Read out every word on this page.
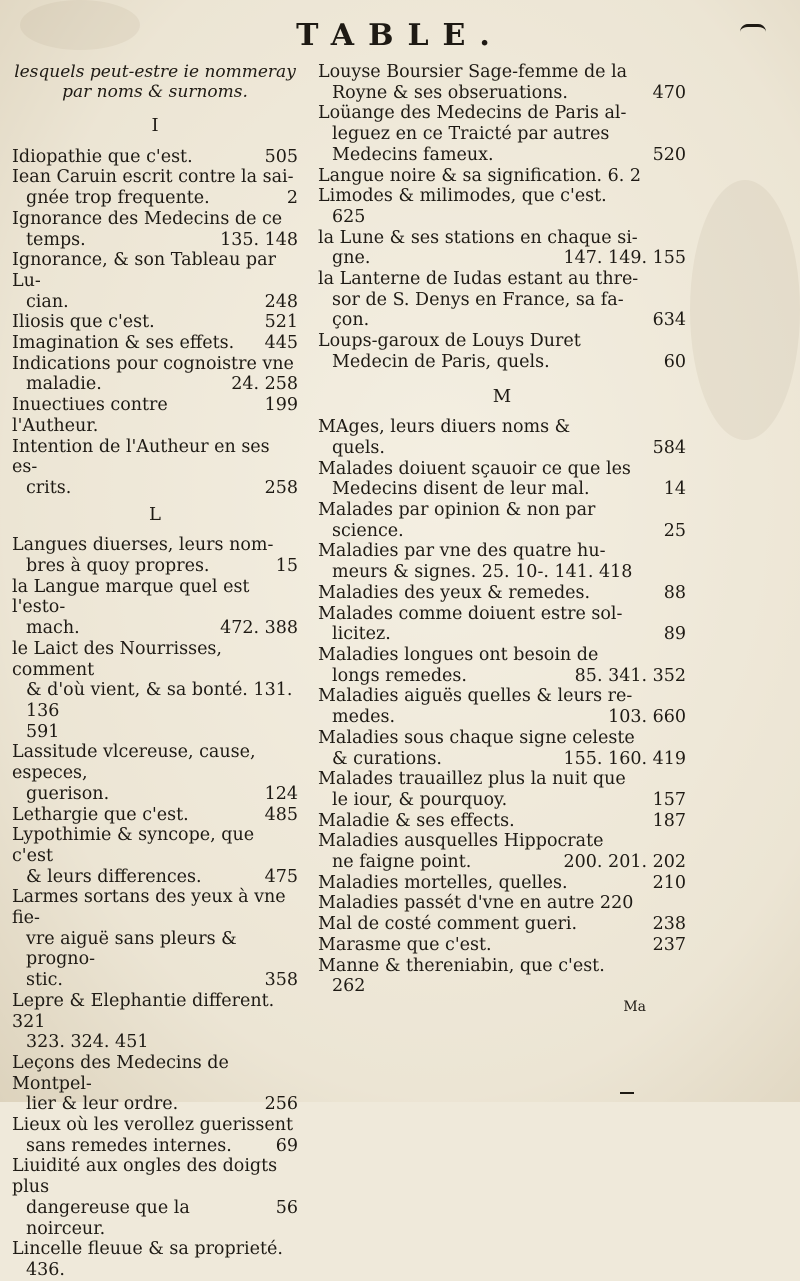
TABLE.
lesquels peut-estre ie nommeray par noms & surnoms.
I
Idiopathie que c'est.	505
Iean Caruin escrit contre la sai-
gnée trop frequente.	2
Ignorance des Medecins de ce
temps.	135. 148
Ignorance, & son Tableau par Lu-
cian.	248
Iliosis que c'est.	521
Imagination & ses effets.	445
Indications pour cognoistre vne
maladie.	24. 258
Inuectiues contre l'Autheur.
199
Intention de l'Autheur en ses es-
crits.	258
L
Langues diuerses, leurs nom-
bres à quoy propres.	15
la Langue marque quel est l'esto-
mach.	472. 388
le Laict des Nourrisses, comment
& d'où vient, & sa bonté. 131. 136
591
Lassitude vlcereuse, cause, especes,
guerison.	124
Lethargie que c'est.	485
Lypothimie & syncope, que c'est
& leurs differences.	475
Larmes sortans des yeux à vne fie-
vre aiguë sans pleurs & progno-
stic.	358
Lepre & Elephantie different. 321
323. 324. 451
Leçons des Medecins de Montpel-
lier & leur ordre.	256
Lieux où les verollez guerissent
sans remedes internes.	69
Liuidité aux ongles des doigts plus
dangereuse que la noirceur.
56
Lincelle fleuue & sa proprieté.
436.
Louyse Boursier Sage-femme de la
Royne & ses obseruations.	470
Loüange des Medecins de Paris al-
leguez en ce Traicté par autres
Medecins fameux.	520
Langue noire & sa signification. 6. 2
Limodes & milimodes, que c'est.
625
la Lune & ses stations en chaque si-
gne.	147. 149. 155
la Lanterne de Iudas estant au thre-
sor de S. Denys en France, sa fa-
çon.	634
Loups-garoux de Louys Duret
Medecin de Paris, quels.	60
M
MAges, leurs diuers noms &
quels.	584
Malades doiuent sçauoir ce que les
Medecins disent de leur mal.	14
Malades par opinion & non par
science.	25
Maladies par vne des quatre hu-
meurs & signes. 25. 10-. 141. 418
Maladies des yeux & remedes.	88
Malades comme doiuent estre sol-
licitez.	89
Maladies longues ont besoin de
longs remedes.	85. 341. 352
Maladies aiguës quelles & leurs re-
medes.	103. 660
Maladies sous chaque signe celeste
& curations.	155. 160. 419
Malades trauaillez plus la nuit que
le iour, & pourquoy.	157
Maladie & ses effects.	187
Maladies ausquelles Hippocrate
ne faigne point.	200. 201. 202
Maladies mortelles, quelles.	210
Maladies passét d'vne en autre 220
Mal de costé comment gueri.	238
Marasme que c'est.	237
Manne & thereniabin, que c'est.
262
Ma
